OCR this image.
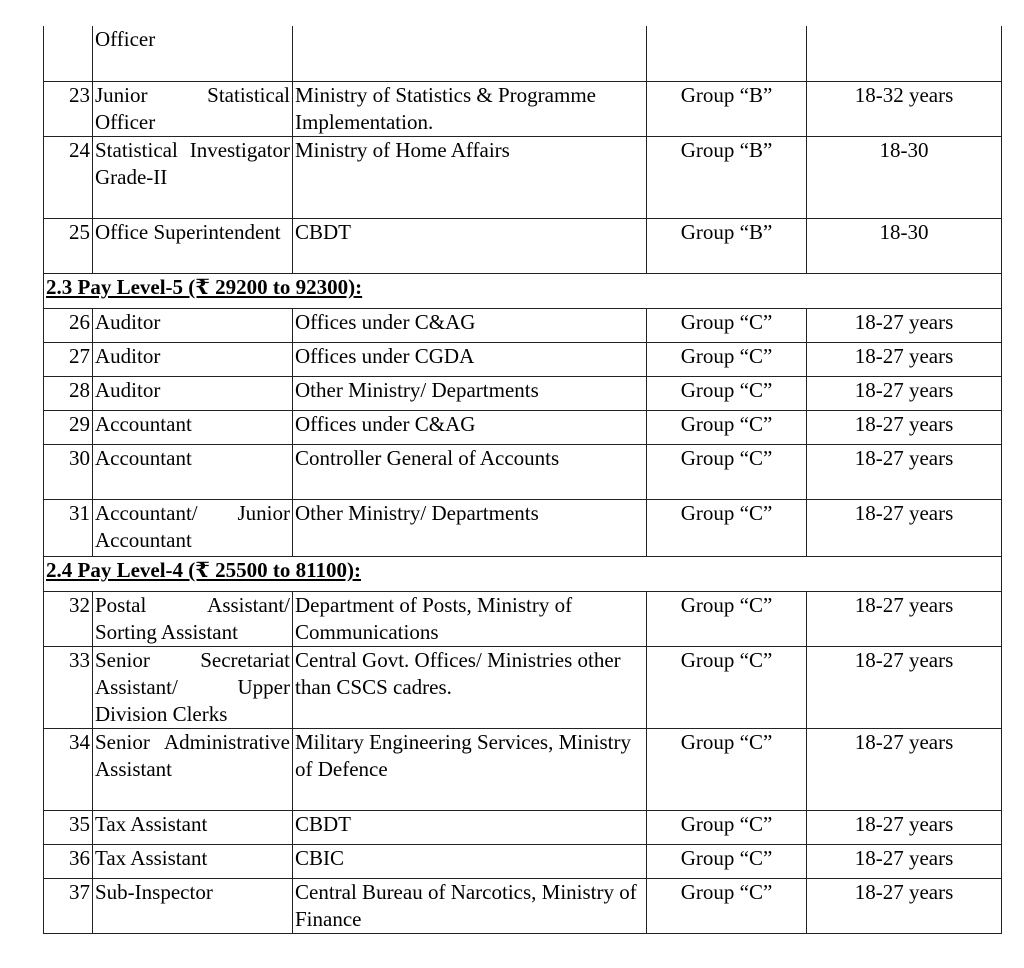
	Officer			
23	Junior Statistical Officer	Ministry of Statistics & Programme Implementation.	Group “B”	18-32 years
24	Statistical Investigator Grade-II	Ministry of Home Affairs	Group “B”	18-30
25	Office Superintendent	CBDT	Group “B”	18-30
2.3 Pay Level-5 (₹ 29200 to 92300):				
26	Auditor	Offices under C&AG	Group “C”	18-27 years
27	Auditor	Offices under CGDA	Group “C”	18-27 years
28	Auditor	Other Ministry/ Departments	Group “C”	18-27 years
29	Accountant	Offices under C&AG	Group “C”	18-27 years
30	Accountant	Controller General of Accounts	Group “C”	18-27 years
31	Accountant/ Junior Accountant	Other Ministry/ Departments	Group “C”	18-27 years
2.4 Pay Level-4 (₹ 25500 to 81100):				
32	Postal Assistant/ Sorting Assistant	Department of Posts, Ministry of Communications	Group “C”	18-27 years
33	Senior Secretariat Assistant/ Upper Division Clerks	Central Govt. Offices/ Ministries other than CSCS cadres.	Group “C”	18-27 years
34	Senior Administrative Assistant	Military Engineering Services, Ministry of Defence	Group “C”	18-27 years
35	Tax Assistant	CBDT	Group “C”	18-27 years
36	Tax Assistant	CBIC	Group “C”	18-27 years
37	Sub-Inspector	Central Bureau of Narcotics, Ministry of Finance	Group “C”	18-27 years
